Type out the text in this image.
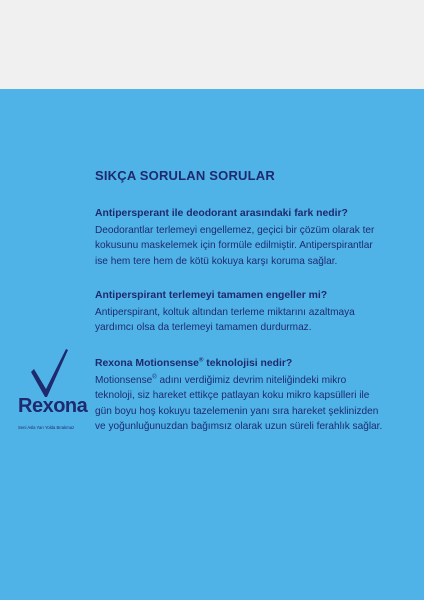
SIKÇA SORULAN SORULAR

Antipersperant ile deodorant arasındaki fark nedir?

Deodorantlar terlemeyi engellemez, geçici bir çözüm olarak ter kokusunu maskelemek için formüle edilmiştir. Antiperspirantlar ise hem tere hem de kötü kokuya karşı koruma sağlar.

Antiperspirant terlemeyi tamamen engeller mi?

Antiperspirant, koltuk altından terleme miktarını azaltmaya yardımcı olsa da terlemeyi tamamen durdurmaz.

Rexona Motionsense® teknolojisi nedir?

Motionsense® adını verdiğimiz devrim niteliğindeki mikro teknoloji, siz hareket ettikçe patlayan koku mikro kapsülleri ile gün boyu hoş kokuyu tazelemenin yanı sıra hareket şeklinizden ve yoğunluğunuzdan bağımsız olarak uzun süreli ferahlık sağlar.

Rexona
Seni Asla Yarı Yolda Bırakmaz
